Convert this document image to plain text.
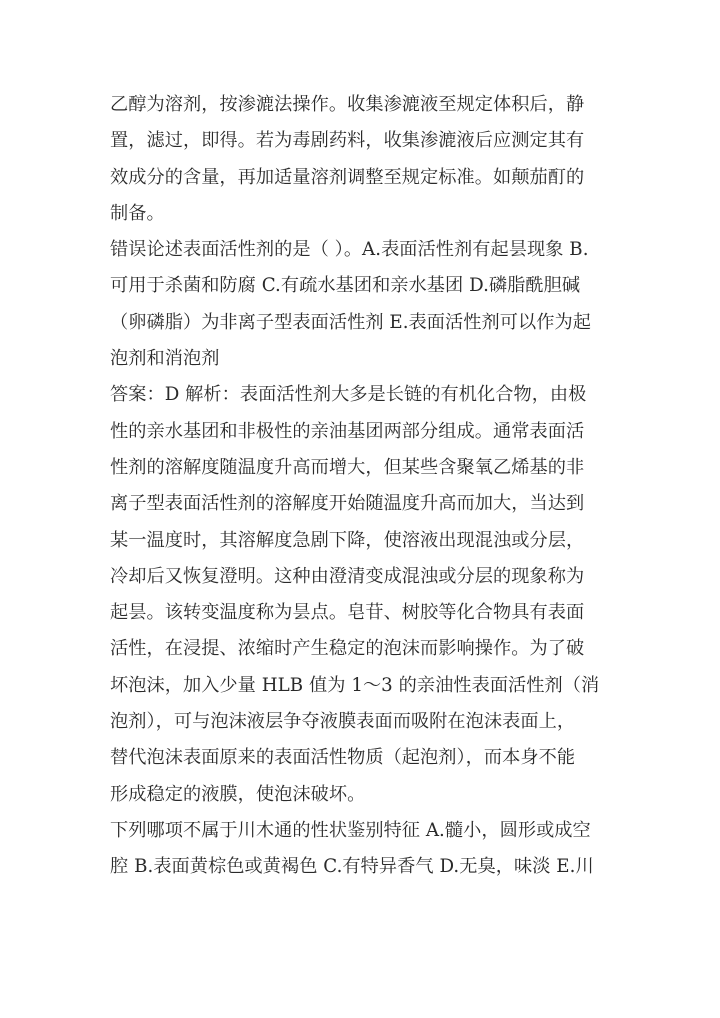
乙醇为溶剂，按渗漉法操作。收集渗漉液至规定体积后，静
置，滤过，即得。若为毒剧药料，收集渗漉液后应测定其有
效成分的含量，再加适量溶剂调整至规定标准。如颠茄酊的
制备。
错误论述表面活性剂的是（ ）。A.表面活性剂有起昙现象 B.
可用于杀菌和防腐 C.有疏水基团和亲水基团 D.磷脂酰胆碱
（卵磷脂）为非离子型表面活性剂 E.表面活性剂可以作为起
泡剂和消泡剂
答案：D 解析：表面活性剂大多是长链的有机化合物，由极
性的亲水基团和非极性的亲油基团两部分组成。通常表面活
性剂的溶解度随温度升高而增大，但某些含聚氧乙烯基的非
离子型表面活性剂的溶解度开始随温度升高而加大，当达到
某一温度时，其溶解度急剧下降，使溶液出现混浊或分层，
冷却后又恢复澄明。这种由澄清变成混浊或分层的现象称为
起昙。该转变温度称为昙点。皂苷、树胶等化合物具有表面
活性，在浸提、浓缩时产生稳定的泡沫而影响操作。为了破
坏泡沫，加入少量 HLB 值为 1～3 的亲油性表面活性剂（消
泡剂），可与泡沫液层争夺液膜表面而吸附在泡沫表面上，
替代泡沫表面原来的表面活性物质（起泡剂），而本身不能
形成稳定的液膜，使泡沫破坏。
下列哪项不属于川木通的性状鉴别特征 A.髓小，圆形或成空
腔 B.表面黄棕色或黄褐色 C.有特异香气 D.无臭，味淡 E.川
